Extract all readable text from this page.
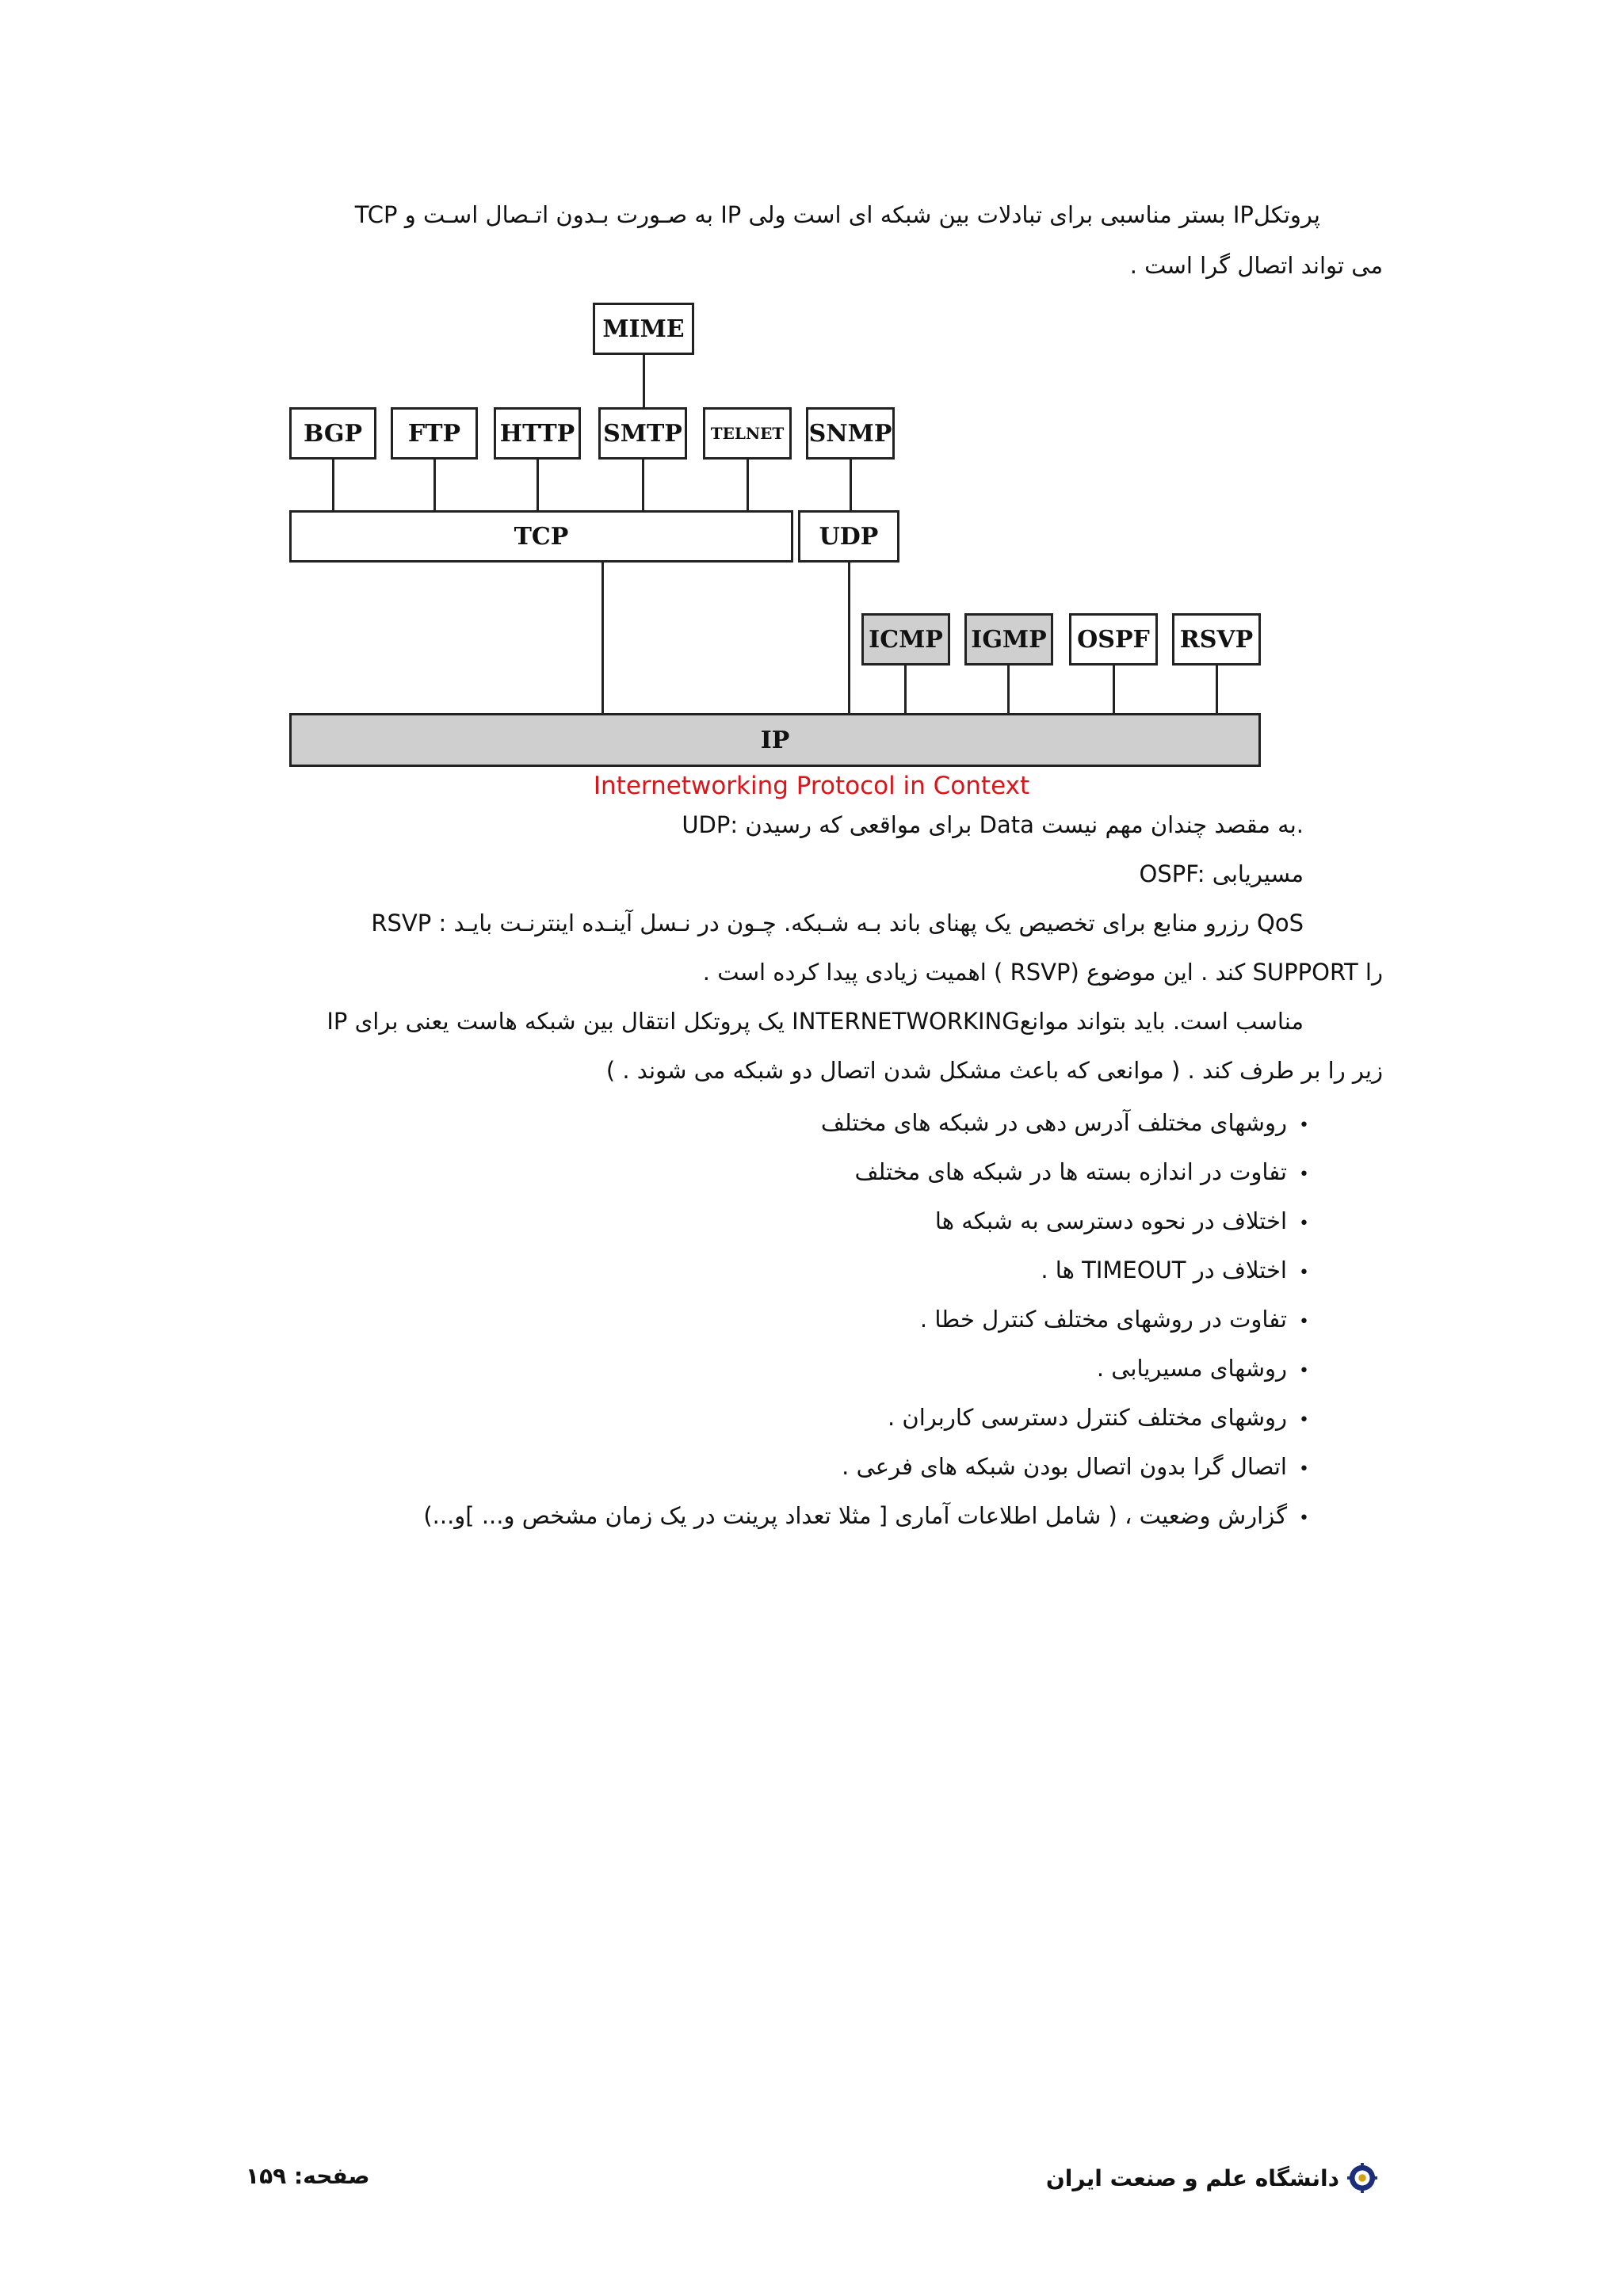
پروتکلIP بستر مناسبی برای تبادلات بین شبکه ای است ولی IP به صـورت بـدون اتـصال اسـت و TCP
می تواند اتصال گرا است .
MIME
BGP	FTP	HTTP SMTP	TELNET	SNMP
TCP	UDP
ICMP	IGMP	OSPF	RSVP
IP
Internetworking Protocol in Context
UDP: برای مواقعی که رسیدن Data به مقصد چندان مهم نیست.
OSPF: مسیریابی
RSVP : رزرو منابع برای تخصیص یک پهنای باند بـه شـبکه. چـون در نـسل آینـده اینترنـت بایـد QoS
را SUPPORT کند . این موضوع (RSVP ) اهمیت زیادی پیدا کرده است .
IP یک پروتکل انتقال بین شبکه هاست یعنی برای INTERNETWORKINGمناسب است. باید بتواند موانع
زیر را بر طرف کند . ( موانعی که باعث مشکل شدن اتصال دو شبکه می شوند . )
•روشهای مختلف آدرس دهی در شبکه های مختلف
•تفاوت در اندازه بسته ها در شبکه های مختلف
•اختلاف در نحوه دسترسی به شبکه ها
•اختلاف در TIMEOUT ها .
•تفاوت در روشهای مختلف کنترل خطا .
•روشهای مسیریابی .
•روشهای مختلف کنترل دسترسی کاربران .
•اتصال گرا بدون اتصال بودن شبکه های فرعی .
•گزارش وضعیت ، ( شامل اطلاعات آماری [ مثلا تعداد پرینت در یک زمان مشخص و... ]و...)
صفحه: ۱۵۹	دانشگاه علم و صنعت ایران
